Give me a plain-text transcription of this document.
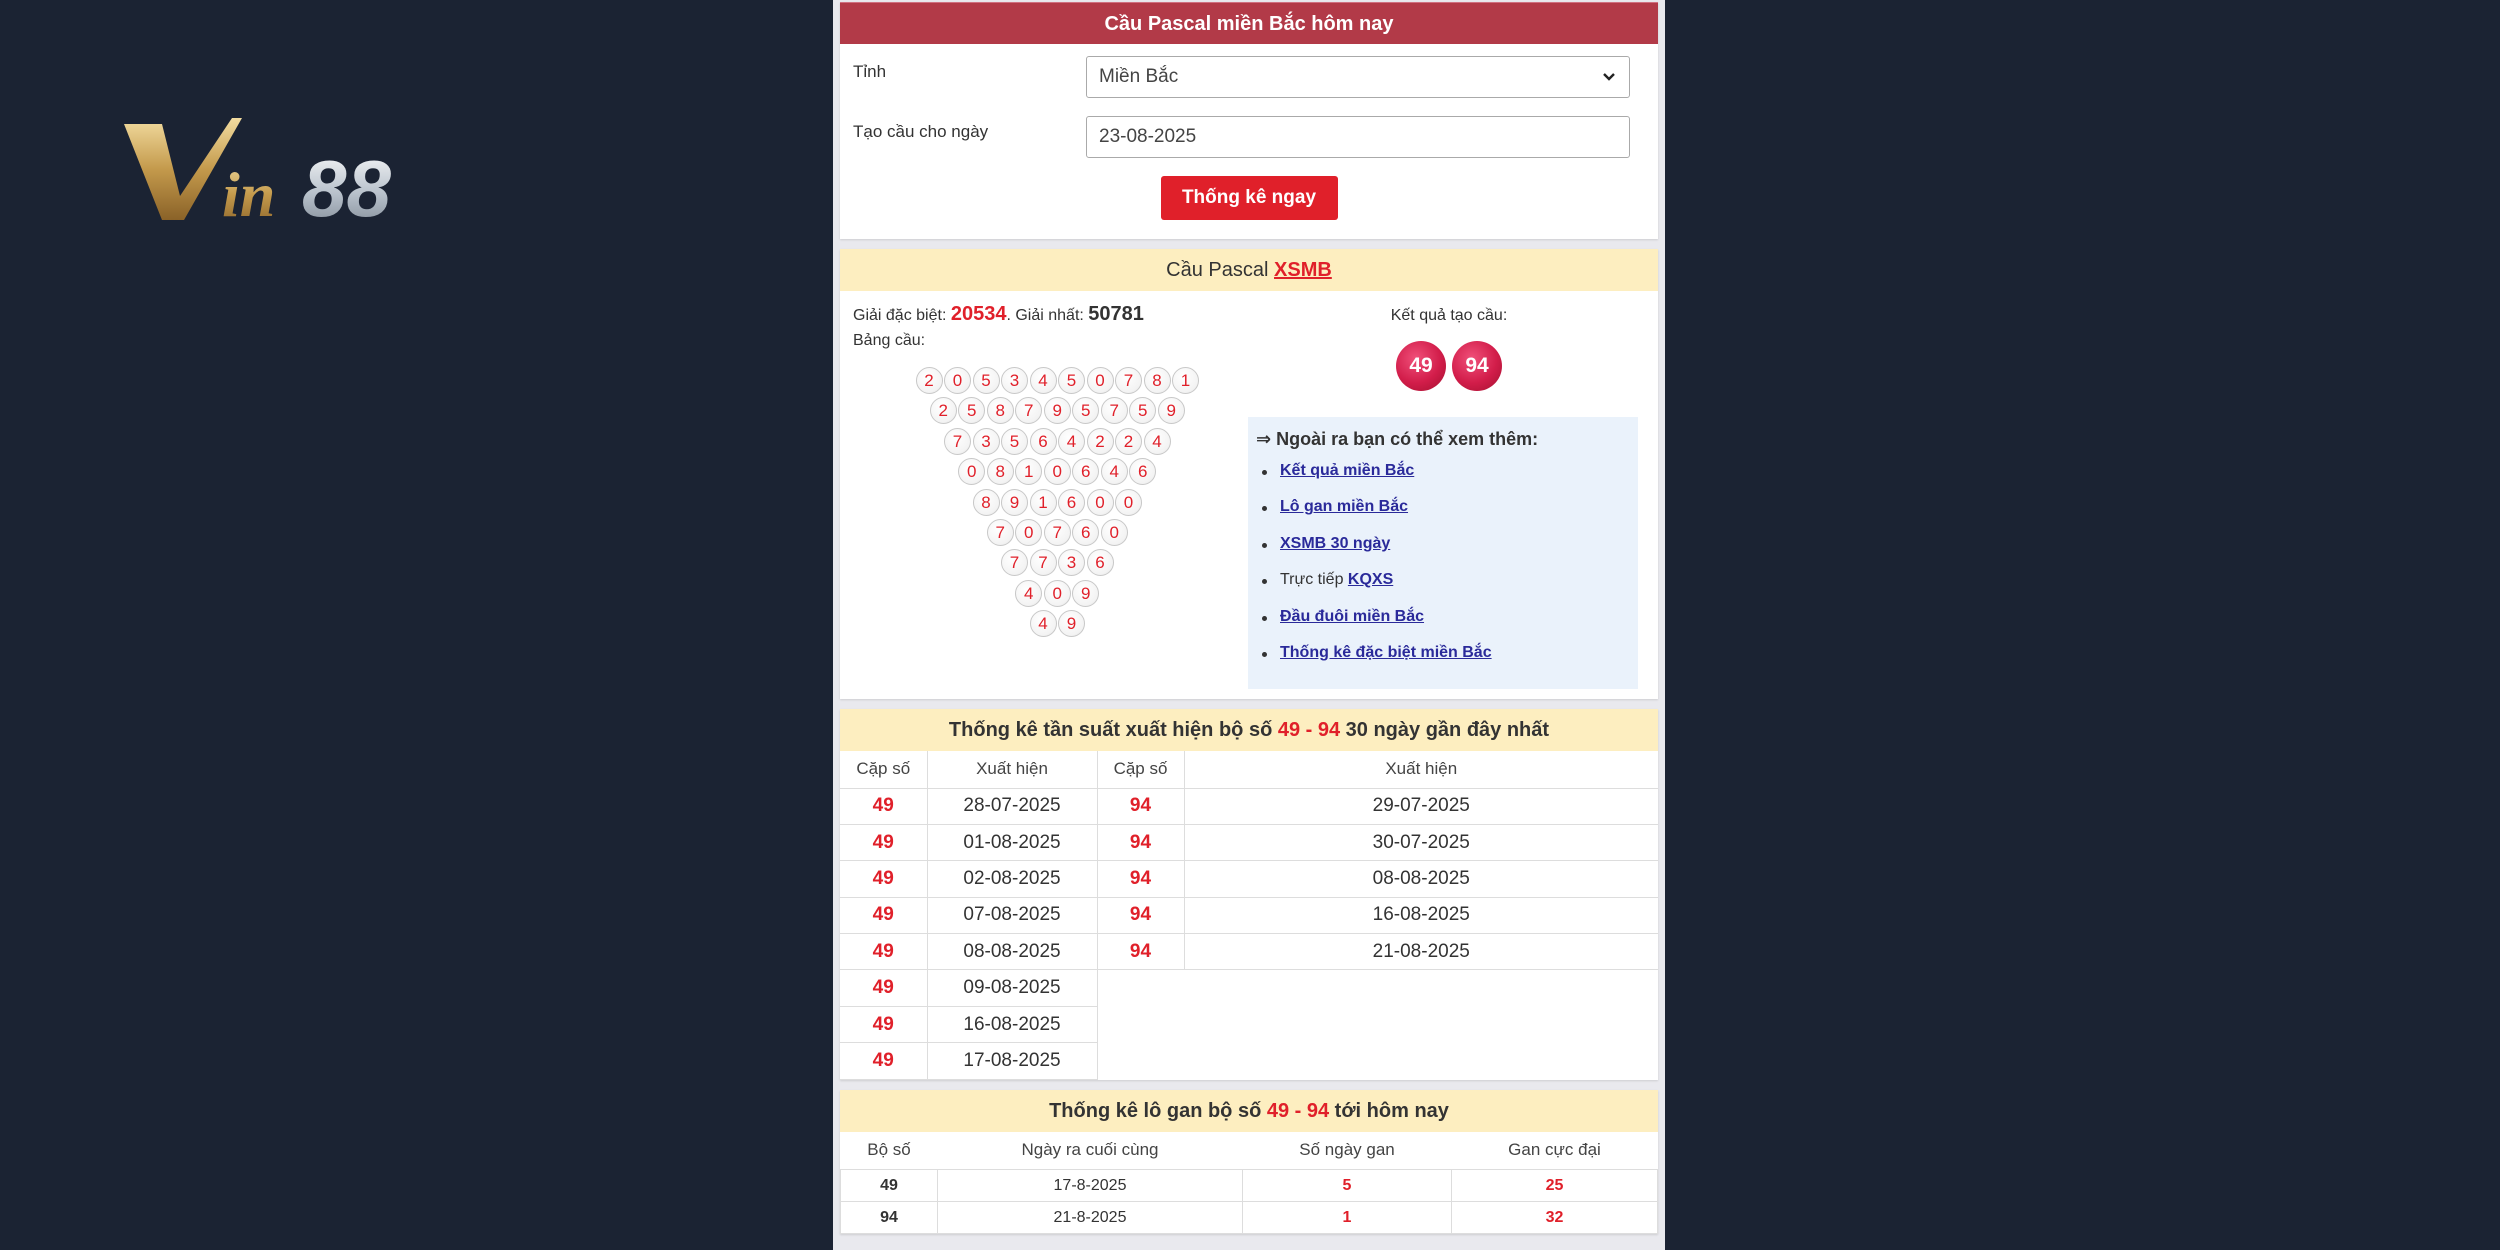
in 88
Cầu Pascal miền Bắc hôm nay
Tỉnh	Miền Bắc
Tạo cầu cho ngày	23-08-2025
Thống kê ngay
Cầu Pascal XSMB
Giải đặc biệt: 20534. Giải nhất: 50781
Bảng cầu:
2	0	5	3	4	5	0	7	8	1
2	5	8	7	9	5	7	5	9
7	3	5	6	4	2	2	4
0	8	1	0	6	4	6
8	9	1	6	0	0
7	0	7	6	0
7	7	3	6
4	0	9
4	9
Kết quả tạo cầu:
49	94
⇒ Ngoài ra bạn có thể xem thêm:
Kết quả miền Bắc
Lô gan miền Bắc
XSMB 30 ngày
Trực tiếp KQXS
Đầu đuôi miền Bắc
Thống kê đặc biệt miền Bắc
Thống kê tần suất xuất hiện bộ số 49 - 94 30 ngày gần đây nhất
Cặp số	Xuất hiện	Cặp số	Xuất hiện
49	28-07-2025	94	29-07-2025
49	01-08-2025	94	30-07-2025
49	02-08-2025	94	08-08-2025
49	07-08-2025	94	16-08-2025
49	08-08-2025	94	21-08-2025
49	09-08-2025		
49	16-08-2025		
49	17-08-2025		
Thống kê lô gan bộ số 49 - 94 tới hôm nay
Bộ số	Ngày ra cuối cùng	Số ngày gan	Gan cực đại
49	17-8-2025	5	25
94	21-8-2025	1	32
